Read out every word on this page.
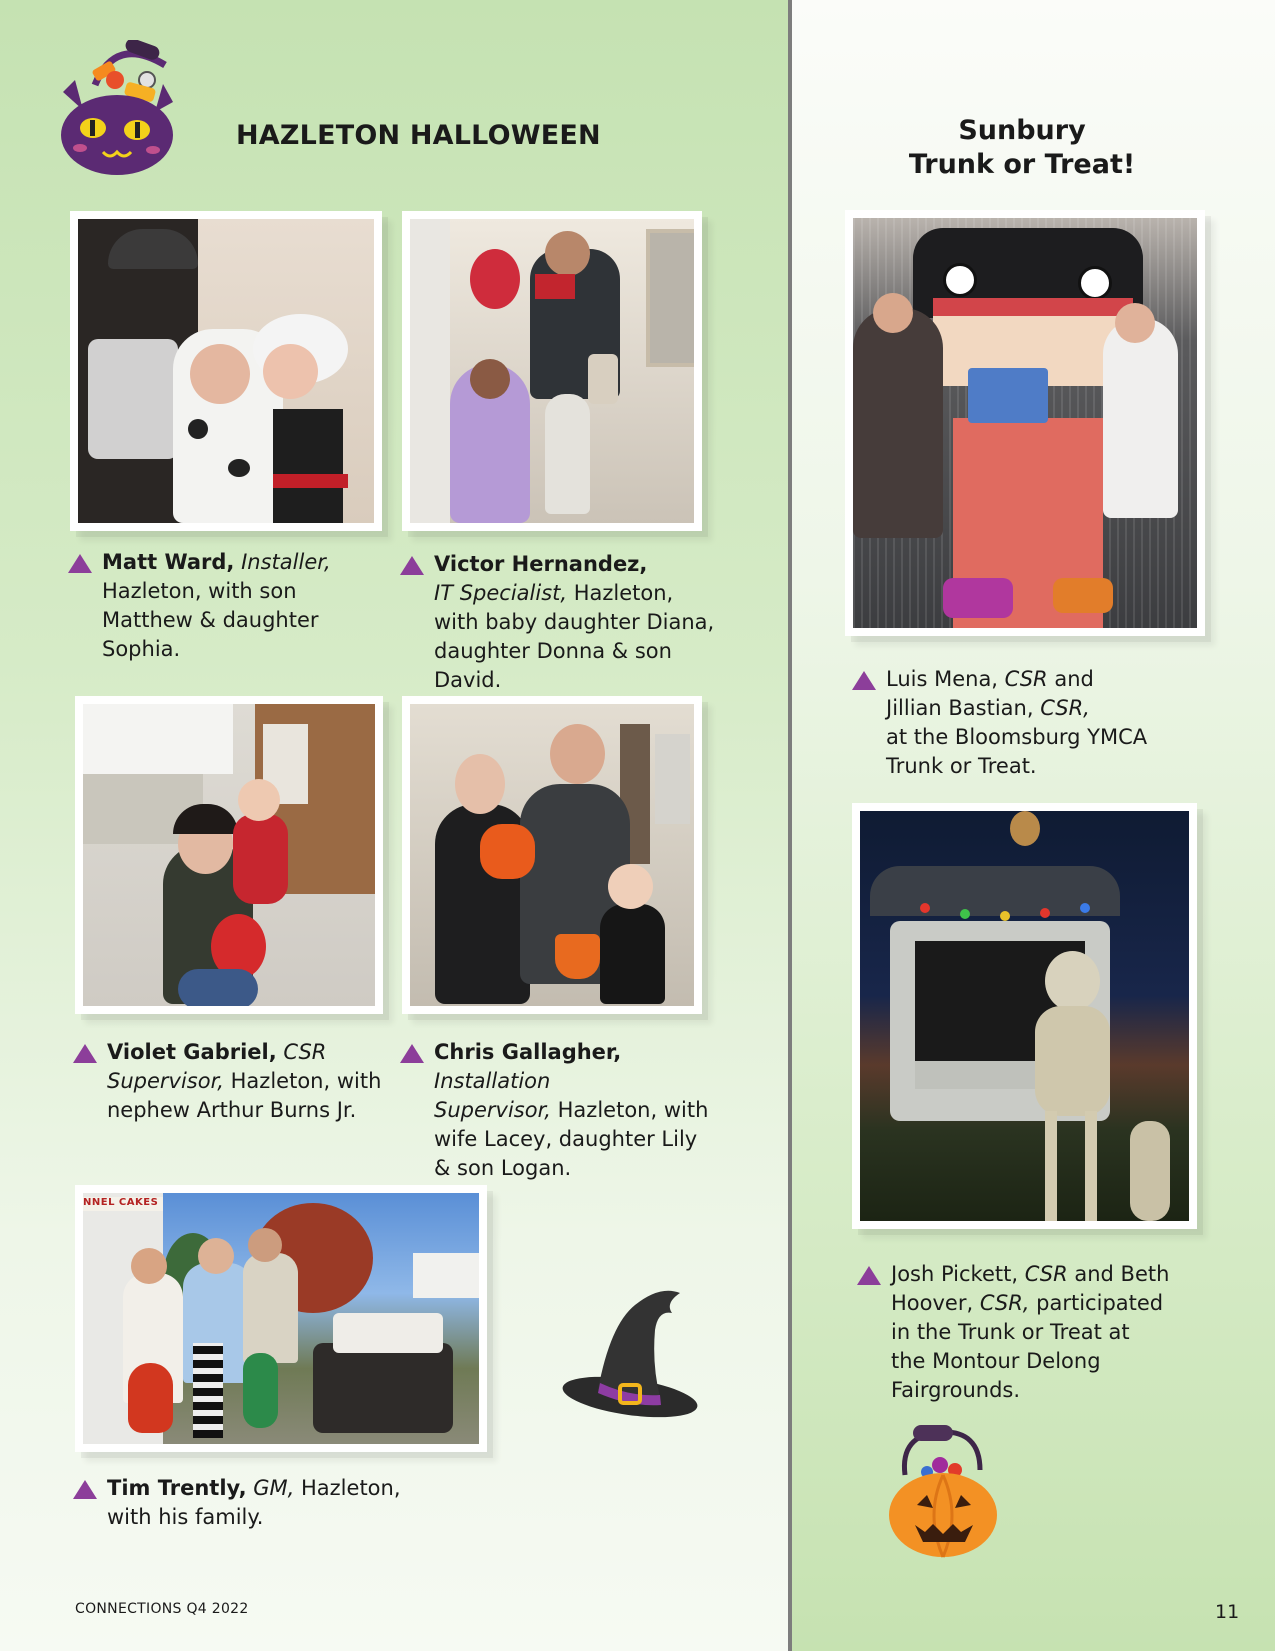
HAZLETON HALLOWEEN	Sunbury
Trunk or Treat!
Matt Ward, Installer,
Hazleton, with son
Matthew & daughter
Sophia.
Victor Hernandez,
IT Specialist, Hazleton,
with baby daughter Diana,
daughter Donna & son David.
Violet Gabriel, CSR
Supervisor, Hazleton, with
nephew Arthur Burns Jr.
Chris Gallagher, Installation
Supervisor, Hazleton, with
wife Lacey, daughter Lily
& son Logan.
NNEL CAKES
Tim Trently, GM, Hazleton,
with his family.
Luis Mena, CSR and
Jillian Bastian, CSR,
at the Bloomsburg YMCA
Trunk or Treat.
Josh Pickett, CSR and Beth
Hoover, CSR, participated
in the Trunk or Treat at
the Montour Delong
Fairgrounds.
CONNECTIONS Q4 2022	11
